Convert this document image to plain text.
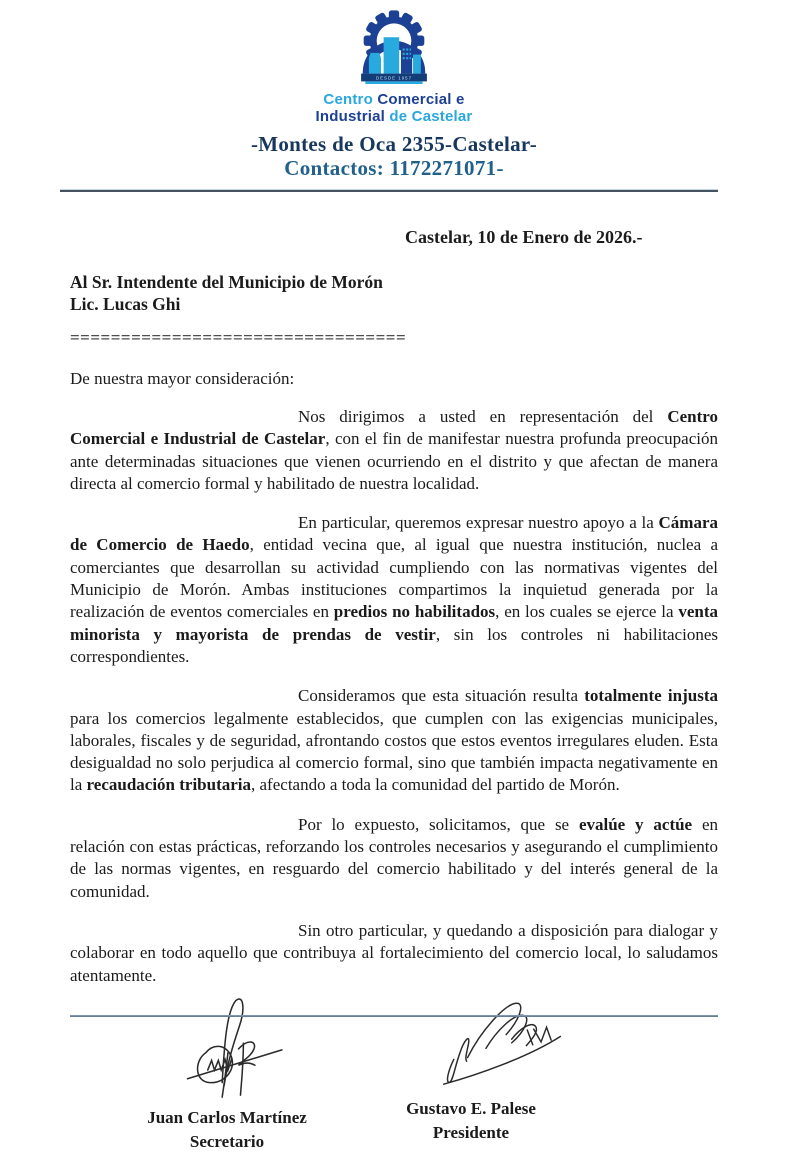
DESDE 1957
Centro Comercial e
Industrial de Castelar
-Montes de Oca 2355-Castelar-
Contactos: 1172271071-
Castelar, 10 de Enero de 2026.-
Al Sr. Intendente del Municipio de Morón
Lic. Lucas Ghi
=================================
De nuestra mayor consideración:

Nos dirigimos a usted en representación del Centro Comercial e Industrial de Castelar, con el fin de manifestar nuestra profunda preocupación ante determinadas situaciones que vienen ocurriendo en el distrito y que afectan de manera directa al comercio formal y habilitado de nuestra localidad.

En particular, queremos expresar nuestro apoyo a la Cámara de Comercio de Haedo, entidad vecina que, al igual que nuestra institución, nuclea a comerciantes que desarrollan su actividad cumpliendo con las normativas vigentes del Municipio de Morón. Ambas instituciones compartimos la inquietud generada por la realización de eventos comerciales en predios no habilitados, en los cuales se ejerce la venta minorista y mayorista de prendas de vestir, sin los controles ni habilitaciones correspondientes.

Consideramos que esta situación resulta totalmente injusta para los comercios legalmente establecidos, que cumplen con las exigencias municipales, laborales, fiscales y de seguridad, afrontando costos que estos eventos irregulares eluden. Esta desigualdad no solo perjudica al comercio formal, sino que también impacta negativamente en la recaudación tributaria, afectando a toda la comunidad del partido de Morón.

Por lo expuesto, solicitamos, que se evalúe y actúe en relación con estas prácticas, reforzando los controles necesarios y asegurando el cumplimiento de las normas vigentes, en resguardo del comercio habilitado y del interés general de la comunidad.

Sin otro particular, y quedando a disposición para dialogar y colaborar en todo aquello que contribuya al fortalecimiento del comercio local, lo saludamos atentamente.

Juan Carlos Martínez
Secretario
Gustavo E. Palese
Presidente
